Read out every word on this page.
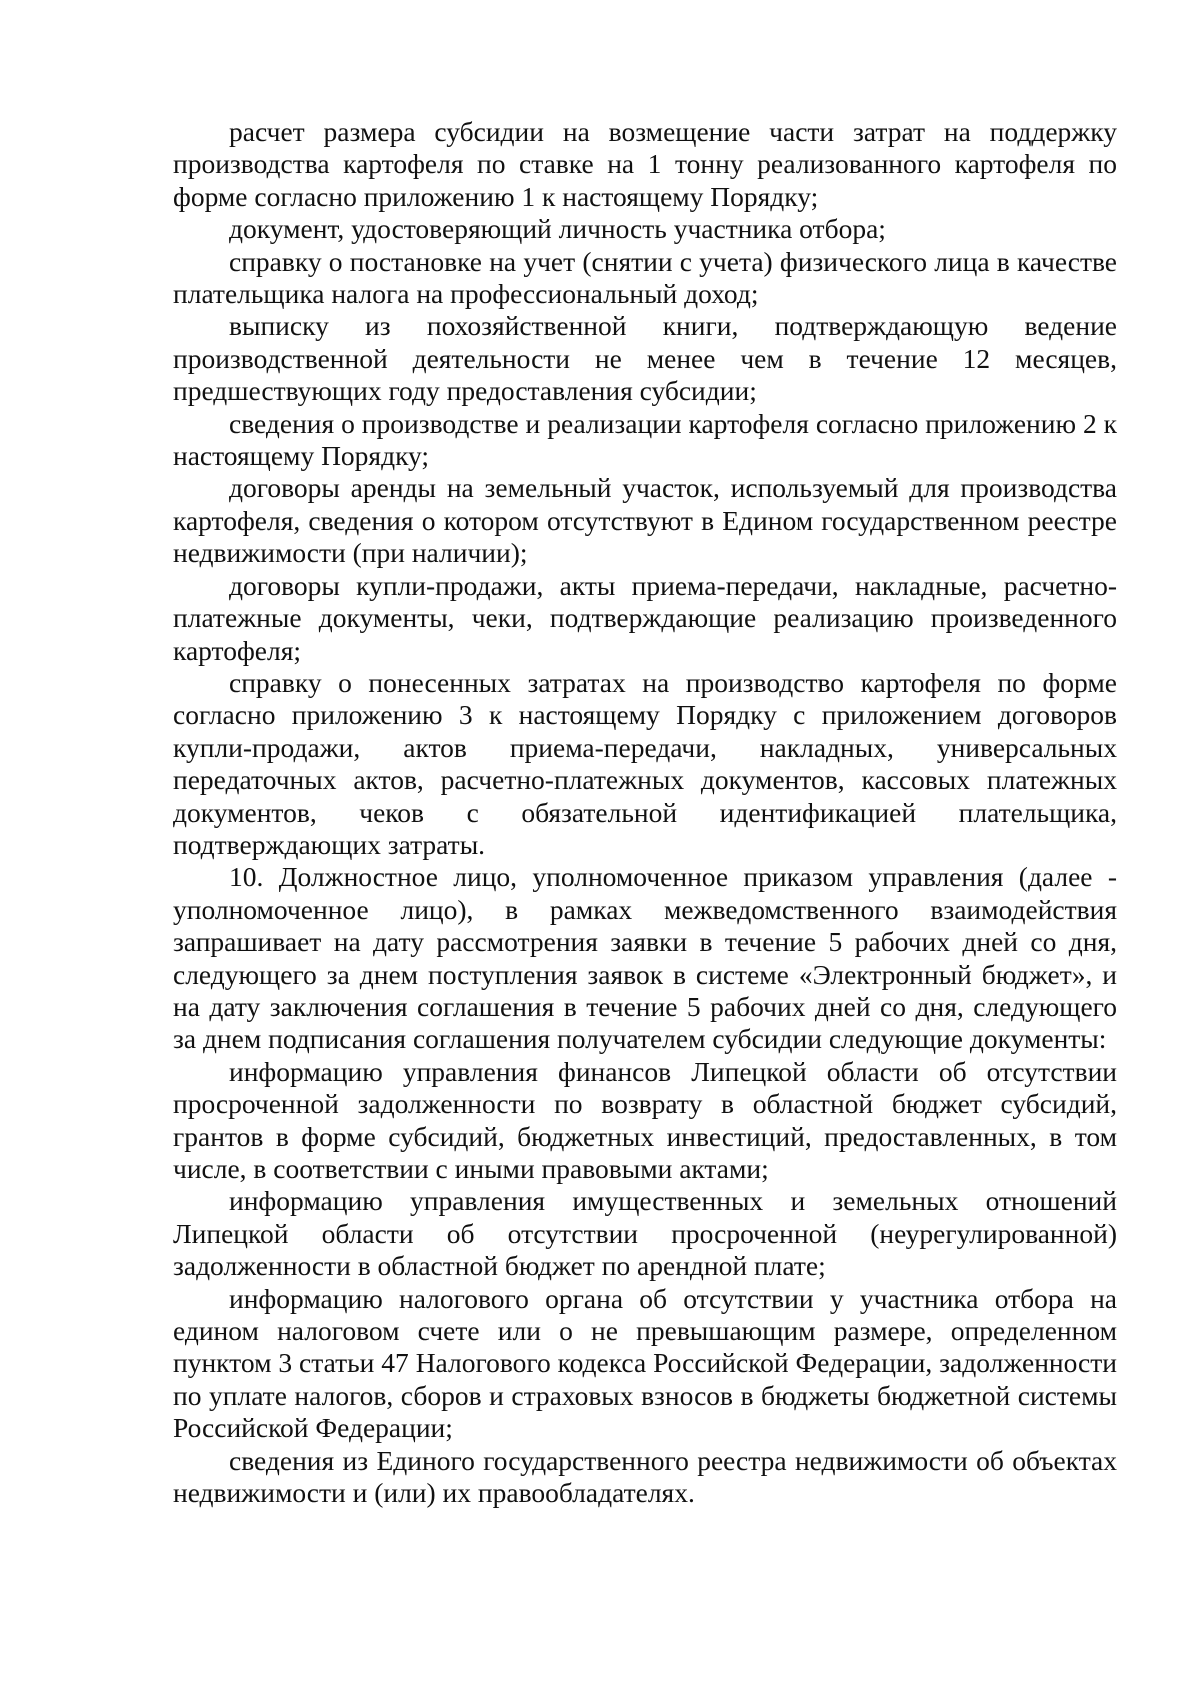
расчет размера субсидии на возмещение части затрат на поддержку производства картофеля по ставке на 1 тонну реализованного картофеля по форме согласно приложению 1 к настоящему Порядку;

документ, удостоверяющий личность участника отбора;

справку о постановке на учет (снятии с учета) физического лица в качестве плательщика налога на профессиональный доход;

выписку из похозяйственной книги, подтверждающую ведение производственной деятельности не менее чем в течение 12 месяцев, предшествующих году предоставления субсидии;

сведения о производстве и реализации картофеля согласно приложению 2 к настоящему Порядку;

договоры аренды на земельный участок, используемый для производства картофеля, сведения о котором отсутствуют в Едином государственном реестре недвижимости (при наличии);

договоры купли-продажи, акты приема-передачи, накладные, расчетно-платежные документы, чеки, подтверждающие реализацию произведенного картофеля;

справку о понесенных затратах на производство картофеля по форме согласно приложению 3 к настоящему Порядку с приложением договоров купли-продажи, актов приема-передачи, накладных, универсальных передаточных актов, расчетно-платежных документов, кассовых платежных документов, чеков с обязательной идентификацией плательщика, подтверждающих затраты.

10. Должностное лицо, уполномоченное приказом управления (далее - уполномоченное лицо), в рамках межведомственного взаимодействия запрашивает на дату рассмотрения заявки в течение 5 рабочих дней со дня, следующего за днем поступления заявок в системе «Электронный бюджет», и на дату заключения соглашения в течение 5 рабочих дней со дня, следующего за днем подписания соглашения получателем субсидии следующие документы:

информацию управления финансов Липецкой области об отсутствии просроченной задолженности по возврату в областной бюджет субсидий, грантов в форме субсидий, бюджетных инвестиций, предоставленных, в том числе, в соответствии с иными правовыми актами;

информацию управления имущественных и земельных отношений Липецкой области об отсутствии просроченной (неурегулированной) задолженности в областной бюджет по арендной плате;

информацию налогового органа об отсутствии у участника отбора на едином налоговом счете или о не превышающим размере, определенном пунктом 3 статьи 47 Налогового кодекса Российской Федерации, задолженности по уплате налогов, сборов и страховых взносов в бюджеты бюджетной системы Российской Федерации;

сведения из Единого государственного реестра недвижимости об объектах недвижимости и (или) их правообладателях.
